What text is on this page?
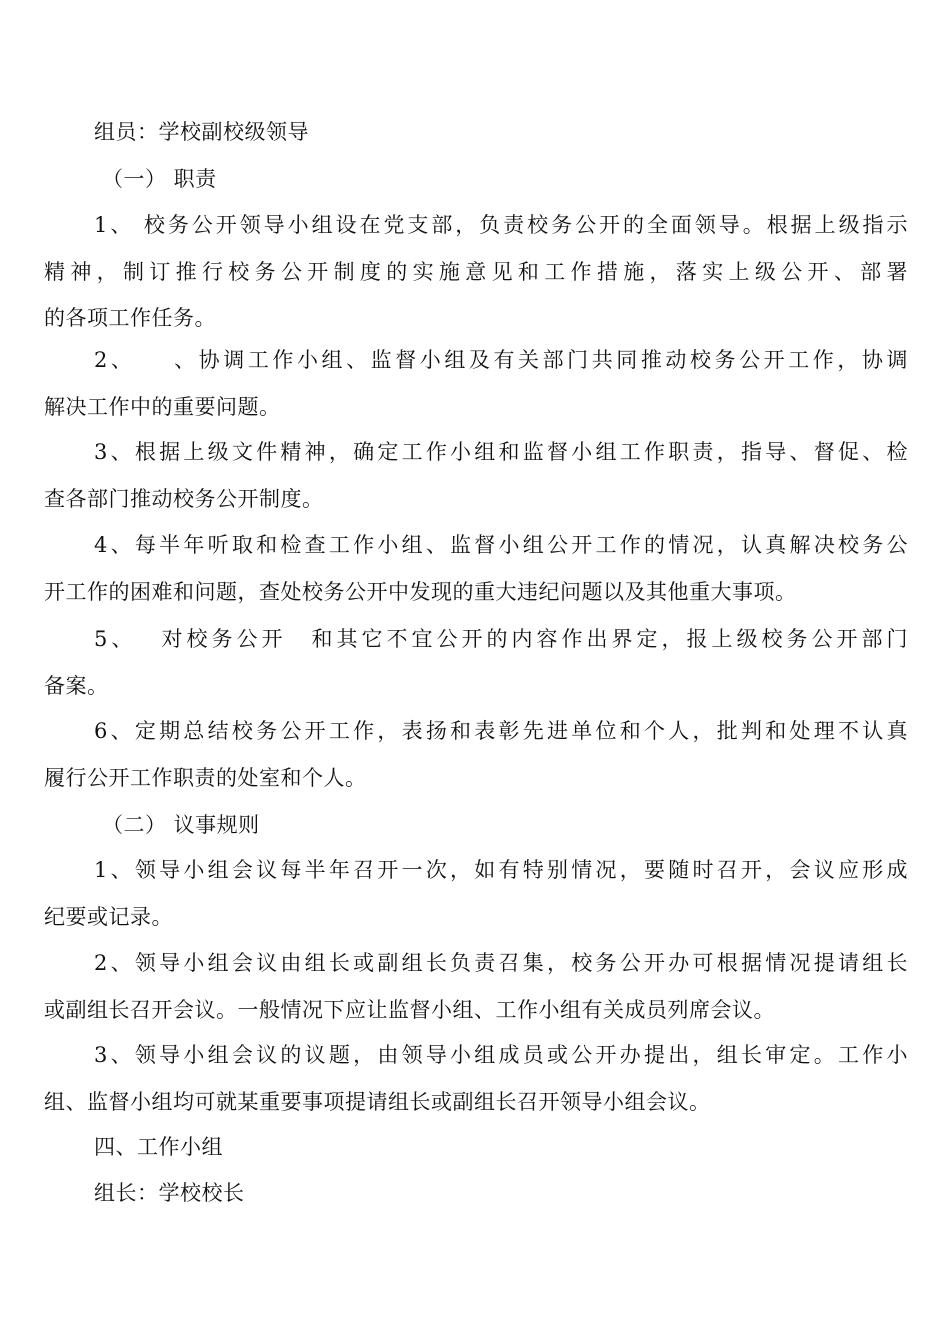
组员：学校副校级领导
（一） 职责
1、 校务公开领导小组设在党支部，负责校务公开的全面领导。根据上级指示
精神，制订推行校务公开制度的实施意见和工作措施，落实上级公开、部署
的各项工作任务。
2、　　、协调工作小组、监督小组及有关部门共同推动校务公开工作，协调
解决工作中的重要问题。
3、根据上级文件精神，确定工作小组和监督小组工作职责，指导、督促、检
查各部门推动校务公开制度。
4、每半年听取和检查工作小组、监督小组公开工作的情况，认真解决校务公
开工作的困难和问题，查处校务公开中发现的重大违纪问题以及其他重大事项。
5、　 对校务公开　和其它不宜公开的内容作出界定，报上级校务公开部门
备案。
6、定期总结校务公开工作，表扬和表彰先进单位和个人，批判和处理不认真
履行公开工作职责的处室和个人。
（二） 议事规则
1、领导小组会议每半年召开一次，如有特别情况，要随时召开，会议应形成
纪要或记录。
2、领导小组会议由组长或副组长负责召集，校务公开办可根据情况提请组长
或副组长召开会议。一般情况下应让监督小组、工作小组有关成员列席会议。
3、领导小组会议的议题，由领导小组成员或公开办提出，组长审定。工作小
组、监督小组均可就某重要事项提请组长或副组长召开领导小组会议。
四、工作小组
组长：学校校长
